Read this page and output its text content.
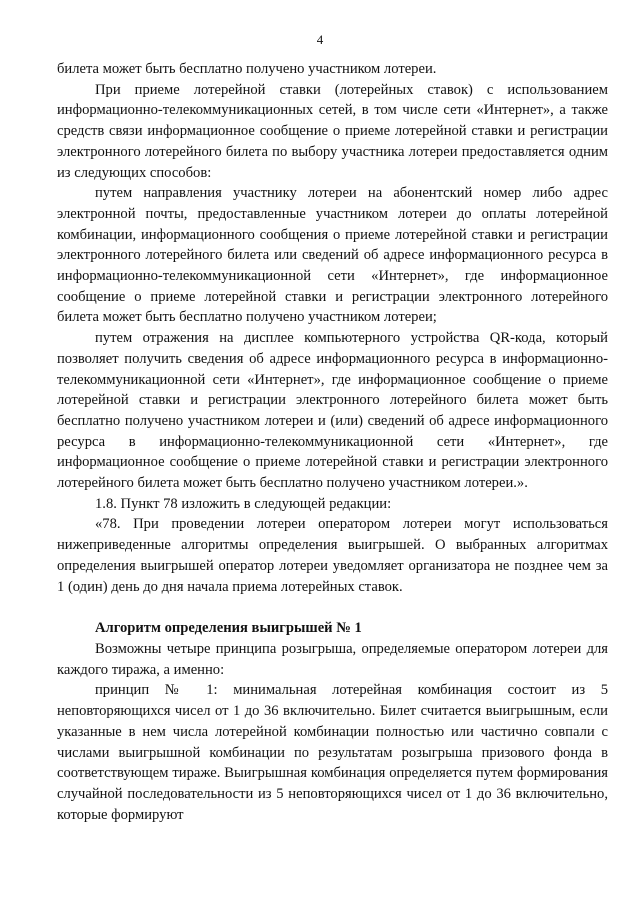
4

билета может быть бесплатно получено участником лотереи.

При приеме лотерейной ставки (лотерейных ставок) с использованием информационно-телекоммуникационных сетей, в том числе сети «Интернет», а также средств связи информационное сообщение о приеме лотерейной ставки и регистрации электронного лотерейного билета по выбору участника лотереи предоставляется одним из следующих способов:

путем направления участнику лотереи на абонентский номер либо адрес электронной почты, предоставленные участником лотереи до оплаты лотерейной комбинации, информационного сообщения о приеме лотерейной ставки и регистрации электронного лотерейного билета или сведений об адресе информационного ресурса в информационно-телекоммуникационной сети «Интернет», где информационное сообщение о приеме лотерейной ставки и регистрации электронного лотерейного билета может быть бесплатно получено участником лотереи;

путем отражения на дисплее компьютерного устройства QR-кода, который позволяет получить сведения об адресе информационного ресурса в информационно-телекоммуникационной сети «Интернет», где информационное сообщение о приеме лотерейной ставки и регистрации электронного лотерейного билета может быть бесплатно получено участником лотереи и (или) сведений об адресе информационного ресурса в информационно-телекоммуникационной сети «Интернет», где информационное сообщение о приеме лотерейной ставки и регистрации электронного лотерейного билета может быть бесплатно получено участником лотереи.».

1.8. Пункт 78 изложить в следующей редакции:

«78. При проведении лотереи оператором лотереи могут использоваться нижеприведенные алгоритмы определения выигрышей. О выбранных алгоритмах определения выигрышей оператор лотереи уведомляет организатора не позднее чем за 1 (один) день до дня начала приема лотерейных ставок.

Алгоритм определения выигрышей № 1

Возможны четыре принципа розыгрыша, определяемые оператором лотереи для каждого тиража, а именно:

принцип № 1: минимальная лотерейная комбинация состоит из 5 неповторяющихся чисел от 1 до 36 включительно. Билет считается выигрышным, если указанные в нем числа лотерейной комбинации полностью или частично совпали с числами выигрышной комбинации по результатам розыгрыша призового фонда в соответствующем тираже. Выигрышная комбинация определяется путем формирования случайной последовательности из 5 неповторяющихся чисел от 1 до 36 включительно, которые формируют
